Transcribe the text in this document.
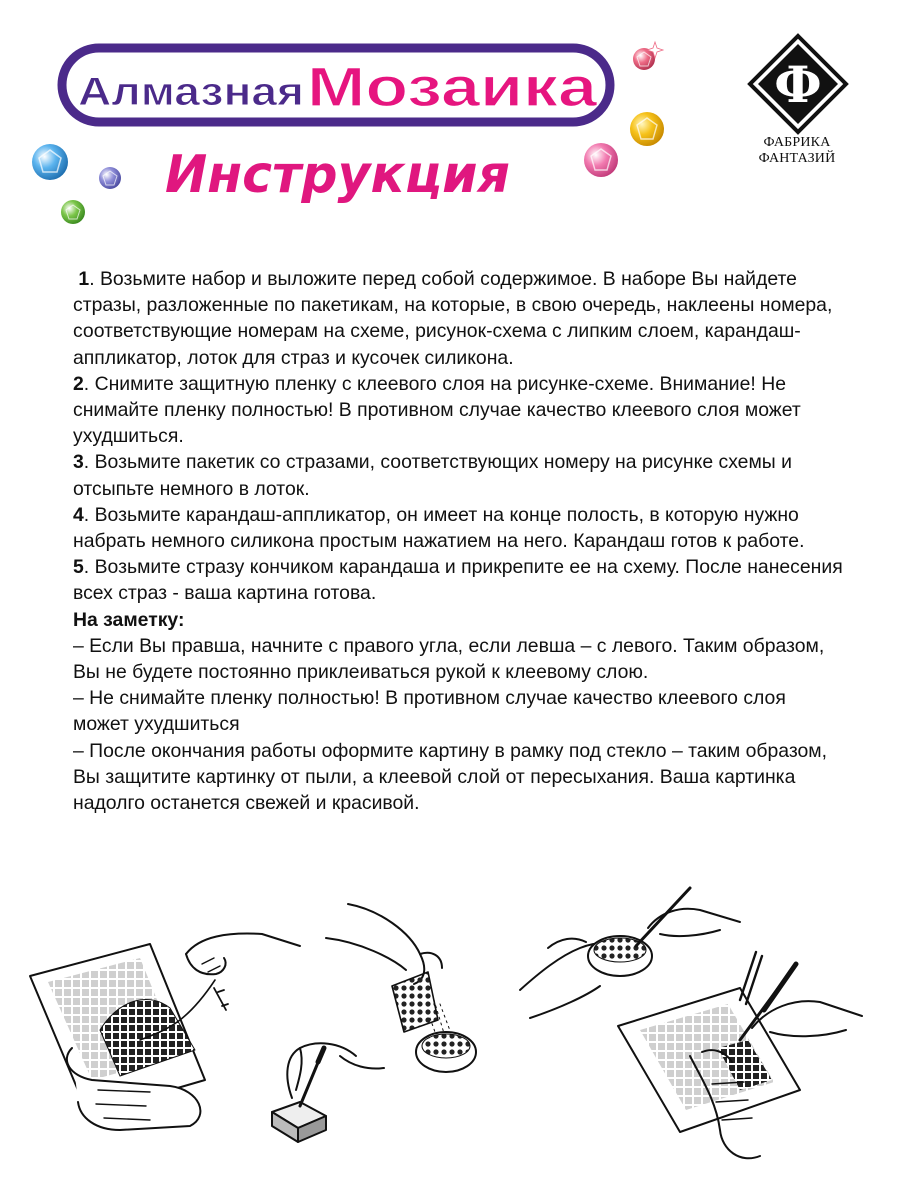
Алмазная Мозаика
Инструкция
Ф
ФАБРИКА
ФАНТАЗИЙ

1. Возьмите набор и выложите перед собой содержимое. В наборе Вы найдете стразы, разложенные по пакетикам, на которые, в свою очередь, наклеены номера, соответствующие номерам на схеме, рисунок-схема с липким слоем, карандаш-аппликатор, лоток для страз и кусочек силикона.

2. Снимите защитную пленку с клеевого слоя на рисунке-схеме. Внимание! Не снимайте пленку полностью! В противном случае качество клеевого слоя может ухудшиться.

3. Возьмите пакетик со стразами, соответствующих номеру на рисунке схемы и отсыпьте немного в лоток.

4. Возьмите карандаш-аппликатор, он имеет на конце полость, в которую нужно набрать немного силикона простым нажатием на него. Карандаш готов к работе.

5. Возьмите стразу кончиком карандаша и прикрепите ее на схему. После нанесения всех страз - ваша картина готова.

На заметку:

– Если Вы правша, начните с правого угла, если левша – с левого. Таким образом, Вы не будете постоянно приклеиваться рукой к клеевому слою.

– Не снимайте пленку полностью! В противном случае качество клеевого слоя может ухудшиться

– После окончания работы оформите картину в рамку под стекло – таким образом, Вы защитите картинку от пыли, а клеевой слой от пересыхания. Ваша картинка надолго останется свежей и красивой.
